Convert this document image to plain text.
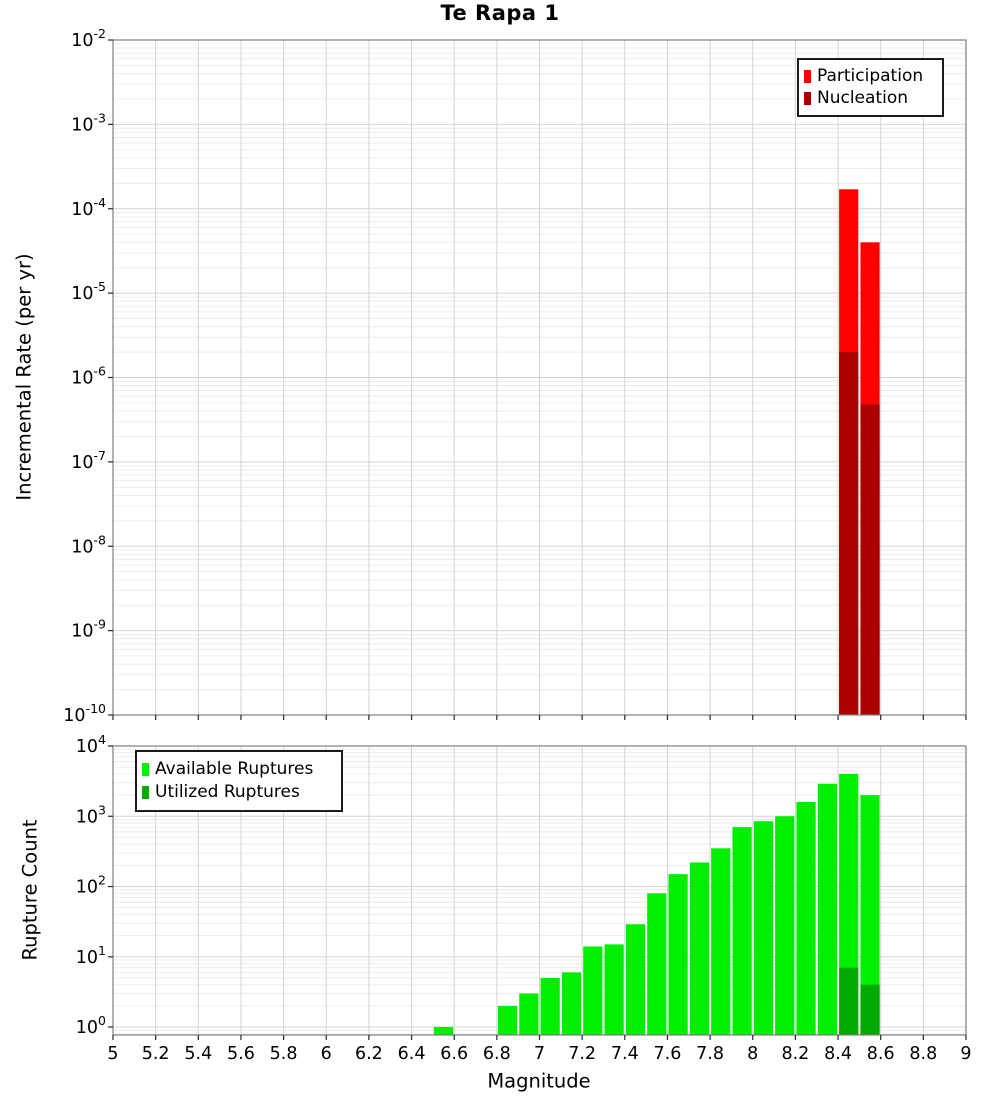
Te Rapa 1
$10^{-2}$
$10^{-3}$
$10^{-4}$
$10^{-5}$
$10^{-6}$
$10^{-7}$
$10^{-8}$
$10^{-9}$
$10^{-10}$
$10^4$
$10^3$
$10^2$
$10^1$
$10^0$
5 5.2 5.4 5.6 5.8 6 6.2 6.4 6.6 6.8 7 7.2 7.4 7.6 7.8 8 8.2 8.4 8.6 8.8 9
Incremental Rate (per yr)
Rupture Count
Magnitude
Participation
Nucleation
Available Ruptures
Utilized Ruptures
